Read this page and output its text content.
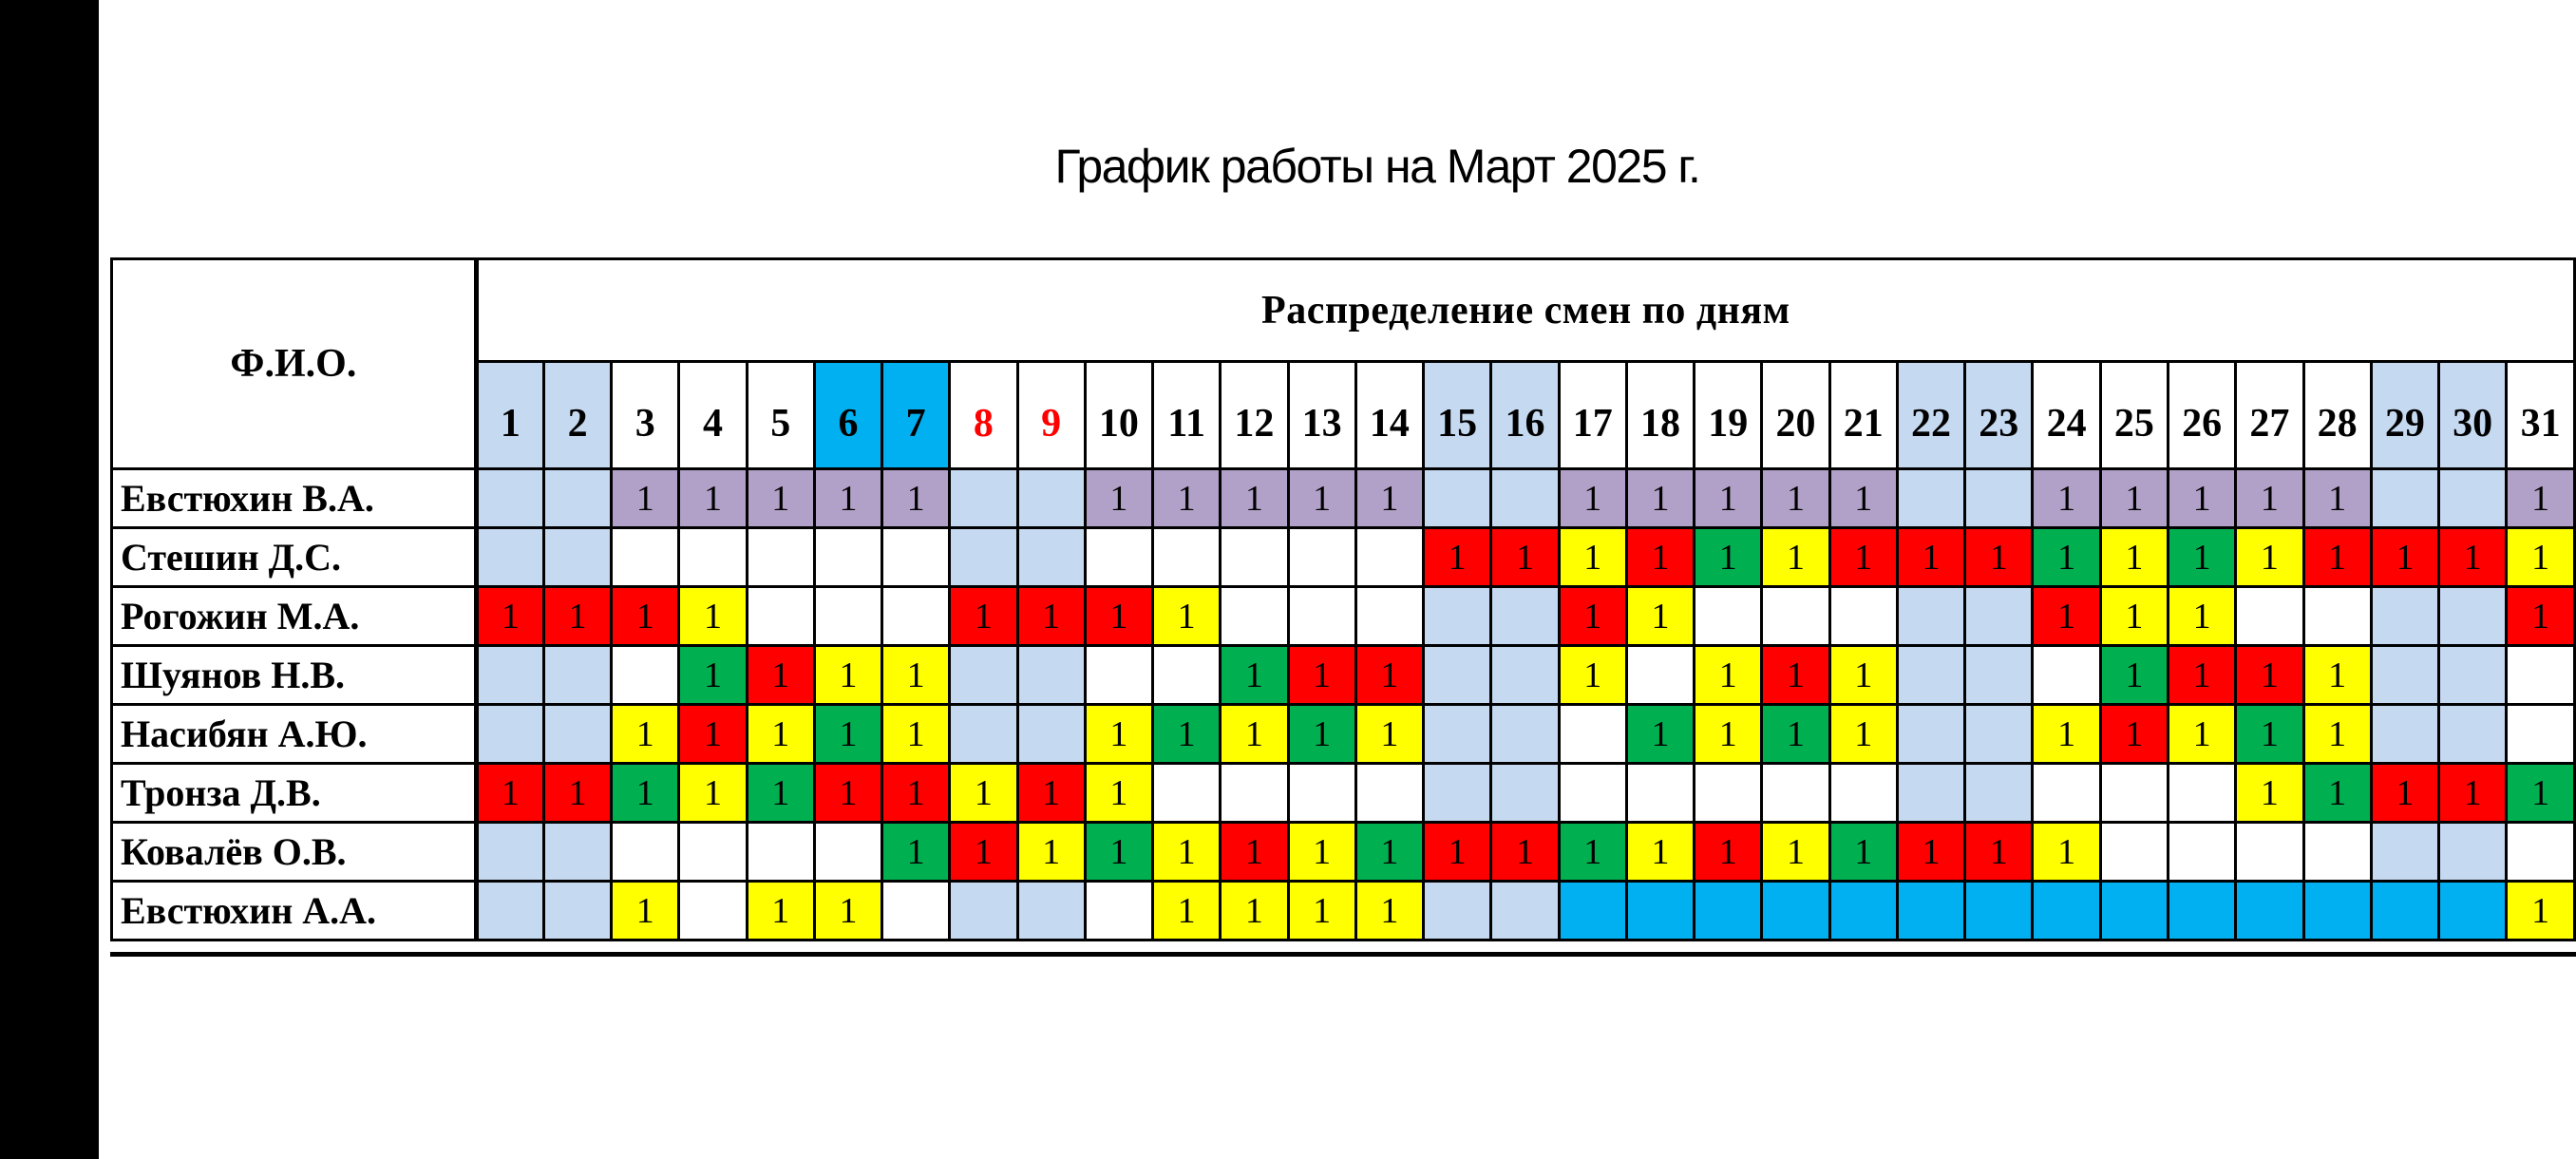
График работы на Март 2025 г.
Ф.И.О.	Распределение смен по дням																														
	1	2	3	4	5	6	7	8	9	10	11	12	13	14	15	16	17	18	19	20	21	22	23	24	25	26	27	28	29	30	31
Евстюхин В.А.			1	1	1	1	1			1	1	1	1	1			1	1	1	1	1			1	1	1	1	1			1
Стешин Д.С.															1	1	1	1	1	1	1	1	1	1	1	1	1	1	1	1	1
Рогожин М.А.	1	1	1	1				1	1	1	1						1	1						1	1	1					1
Шуянов Н.В.				1	1	1	1					1	1	1			1		1	1	1				1	1	1	1			
Насибян А.Ю.			1	1	1	1	1			1	1	1	1	1				1	1	1	1			1	1	1	1	1			
Тронза Д.В.	1	1	1	1	1	1	1	1	1	1																	1	1	1	1	1
Ковалёв О.В.							1	1	1	1	1	1	1	1	1	1	1	1	1	1	1	1	1	1							
Евстюхин А.А.			1		1	1					1	1	1	1																	1
